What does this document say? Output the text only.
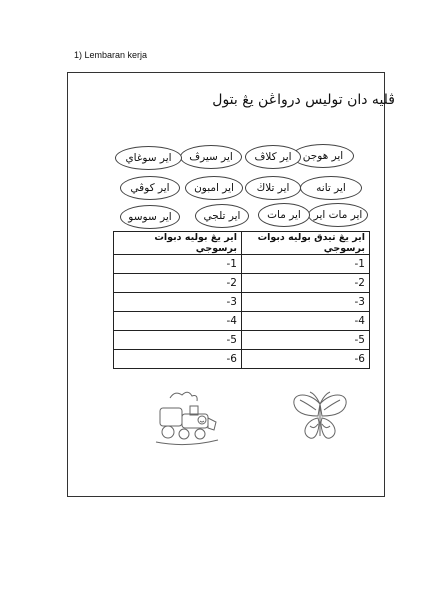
1) Lembaran kerja
ڤليه دان توليس درواڠن يڠ بتول
اير هوجن
اير كلاڤ
اير سيرڤ
اير سوغاي
اير تانه
اير تلاڬ
اير امبون
اير كوڤي
اير مات اير
اير مات
اير تلجي
اير سوسو
اير يڠ بوليه دبوات برسوجي	اير يڠ تيدق بوليه دبوات برسوجي
-1	-1
-2	-2
-3	-3
-4	-4
-5	-5
-6	-6
